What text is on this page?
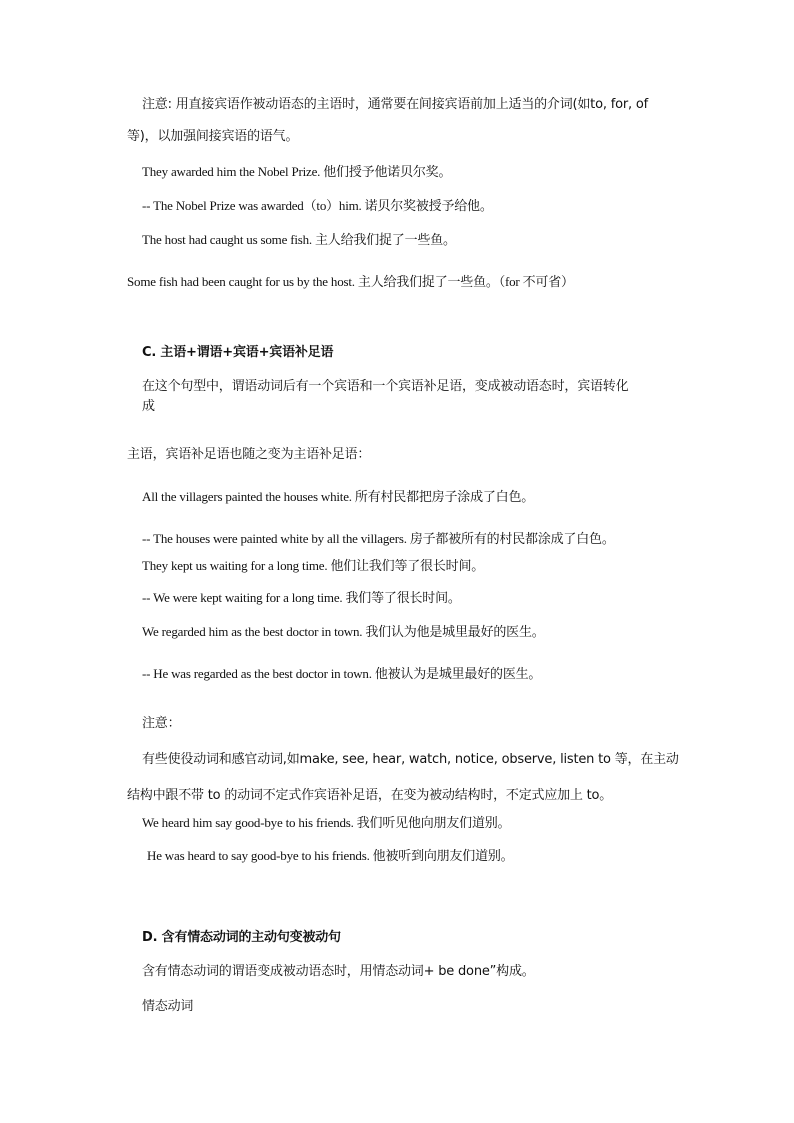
注意: 用直接宾语作被动语态的主语时，通常要在间接宾语前加上适当的介词(如to, for, of
等)，以加强间接宾语的语气。
They awarded him the Nobel Prize. 他们授予他诺贝尔奖。
-- The Nobel Prize was awarded（to）him. 诺贝尔奖被授予给他。
The host had caught us some fish. 主人给我们捉了一些鱼。
Some fish had been caught for us by the host. 主人给我们捉了一些鱼。（for 不可省）
C. 主语+谓语+宾语+宾语补足语
在这个句型中，谓语动词后有一个宾语和一个宾语补足语，变成被动语态时，宾语转化
成
主语，宾语补足语也随之变为主语补足语：
All the villagers painted the houses white. 所有村民都把房子涂成了白色。
-- The houses were painted white by all the villagers. 房子都被所有的村民都涂成了白色。
They kept us waiting for a long time. 他们让我们等了很长时间。
-- We were kept waiting for a long time. 我们等了很长时间。
We regarded him as the best doctor in town. 我们认为他是城里最好的医生。
-- He was regarded as the best doctor in town. 他被认为是城里最好的医生。
注意：
有些使役动词和感官动词,如make, see, hear, watch, notice, observe, listen to 等，在主动
结构中跟不带 to 的动词不定式作宾语补足语，在变为被动结构时，不定式应加上 to。
We heard him say good-bye to his friends. 我们听见他向朋友们道别。
He was heard to say good-bye to his friends. 他被听到向朋友们道别。
D. 含有情态动词的主动句变被动句
含有情态动词的谓语变成被动语态时，用情态动词+ be done”构成。
情态动词
